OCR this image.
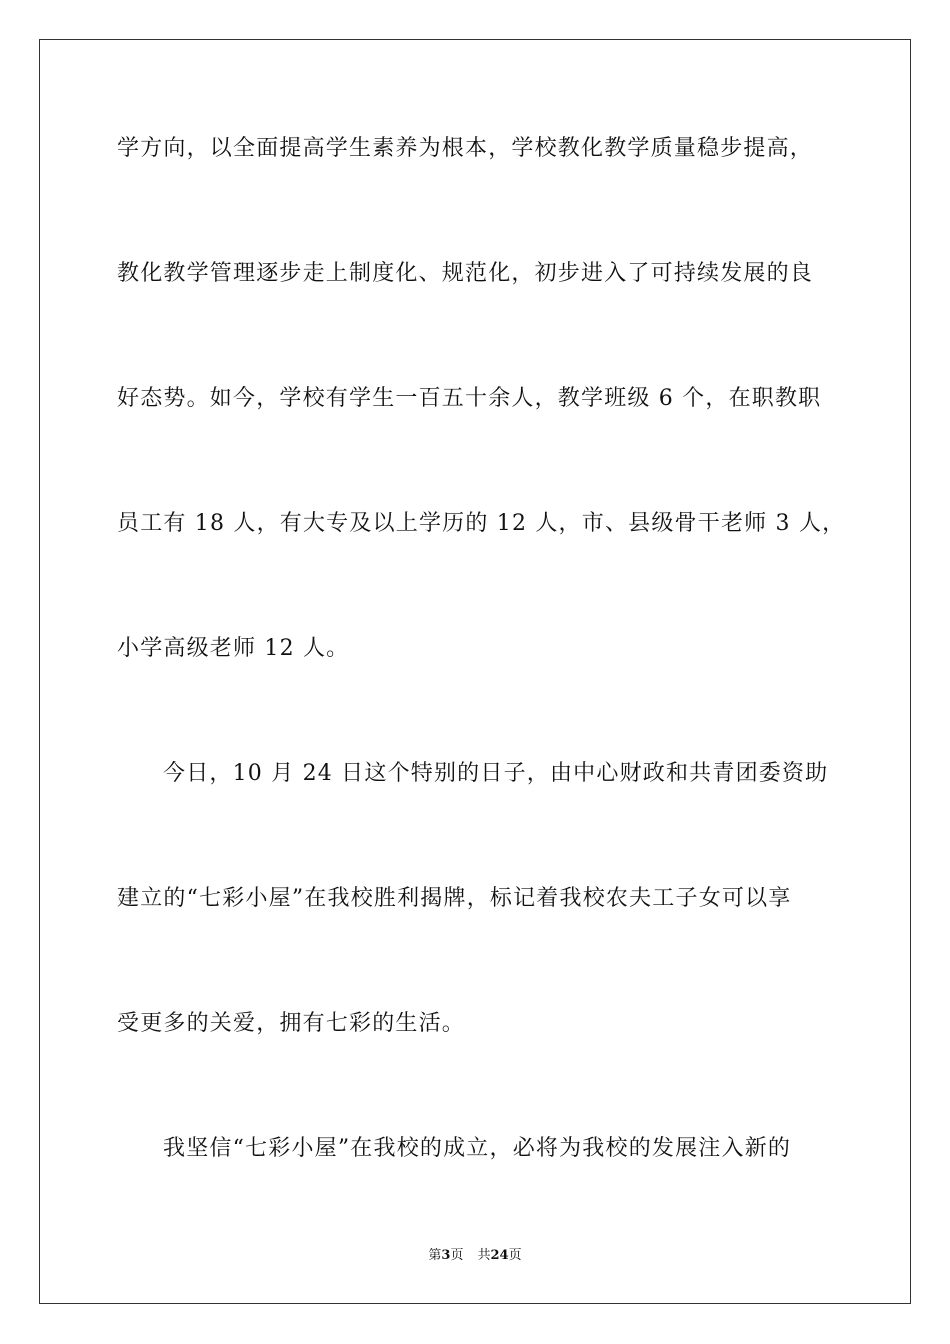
学方向，以全面提高学生素养为根本，学校教化教学质量稳步提高，
教化教学管理逐步走上制度化、规范化，初步进入了可持续发展的良
好态势。如今，学校有学生一百五十余人，教学班级 6 个，在职教职
员工有 18 人，有大专及以上学历的 12 人，市、县级骨干老师 3 人，
小学高级老师 12 人。
今日，10 月 24 日这个特别的日子，由中心财政和共青团委资助
建立的“七彩小屋”在我校胜利揭牌，标记着我校农夫工子女可以享
受更多的关爱，拥有七彩的生活。
我坚信“七彩小屋”在我校的成立，必将为我校的发展注入新的
第3页 共24页
